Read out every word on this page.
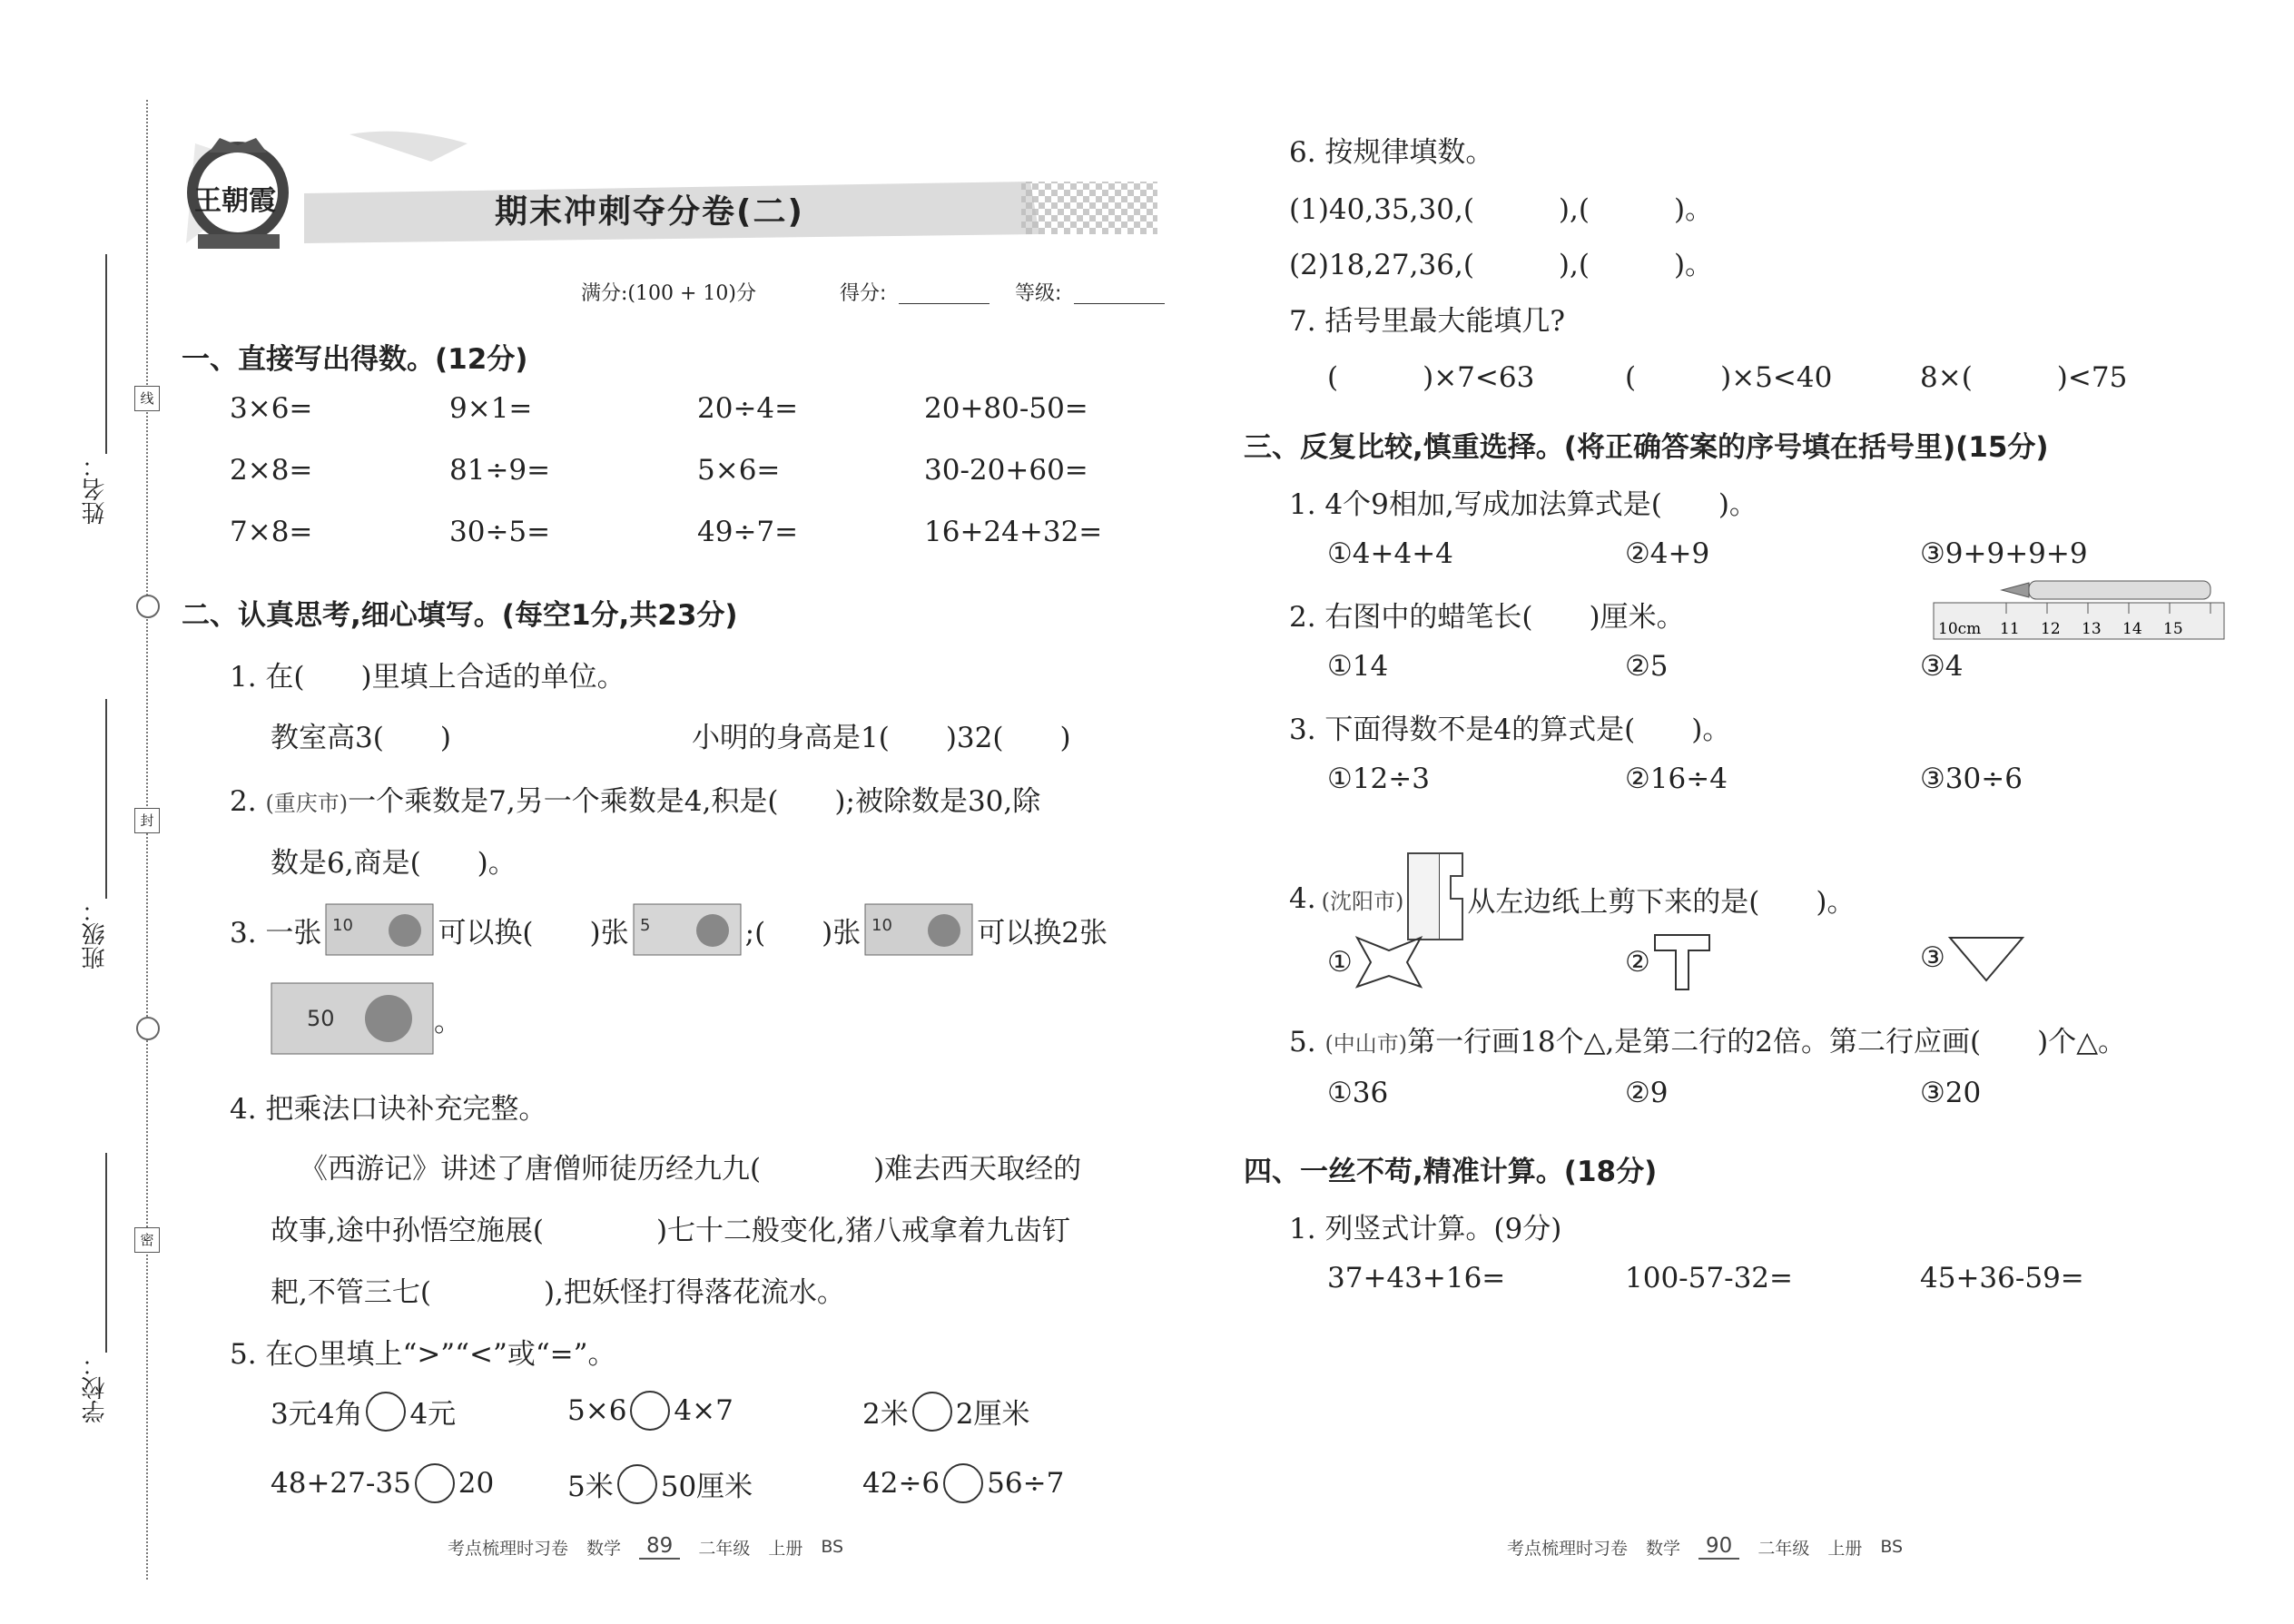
姓名：
班级：
学校：
线
封
密
王朝霞	期末冲刺夺分卷(二)
满分:(100 + 10)分	得分:	等级:
一、直接写出得数。(12分)
3×6=	9×1=	20÷4=	20+80-50=
2×8=	81÷9=	5×6=	30-20+60=
7×8=	30÷5=	49÷7=	16+24+32=
二、认真思考,细心填写。(每空1分,共23分)
1. 在(　　)里填上合适的单位。
教室高3(　　)	小明的身高是1(　　)32(　　)
2. (重庆市)一个乘数是7,另一个乘数是4,积是(　　);被除数是30,除
数是6,商是(　　)。
3. 一张 10	可以换(　　)张 5	;(　　)张 10	可以换2张
50	。
4. 把乘法口诀补充完整。
《西游记》讲述了唐僧师徒历经九九(　　　　)难去西天取经的
故事,途中孙悟空施展(　　　　)七十二般变化,猪八戒拿着九齿钉
耙,不管三七(　　　　),把妖怪打得落花流水。
5. 在○里填上“>”“<”或“=”。
3元4角 4元	5×6 4×7	2米 2厘米
48+27-35 20	5米 50厘米	42÷6 56÷7
考点梳理时习卷 数学	89	二年级 上册 BS
6. 按规律填数。
(1)40,35,30,(　　　),(　　　)。
(2)18,27,36,(　　　),(　　　)。
7. 括号里最大能填几?
(　　　)×7<63	(　　　)×5<40	8×(　　　)<75
三、反复比较,慎重选择。(将正确答案的序号填在括号里)(15分)
1. 4个9相加,写成加法算式是(　　)。
①4+4+4	②4+9	③9+9+9+9
2. 右图中的蜡笔长(　　)厘米。	10cm 11 12 13 14 15
①14	②5	③4
3. 下面得数不是4的算式是(　　)。
①12÷3	②16÷4	③30÷6
4. (沈阳市) 从左边纸上剪下来的是(　　)。
①	②	③
5. (中山市)第一行画18个△,是第二行的2倍。第二行应画(　　)个△。
①36	②9	③20
四、一丝不苟,精准计算。(18分)
1. 列竖式计算。(9分)
37+43+16=	100-57-32=	45+36-59=
考点梳理时习卷 数学	90	二年级 上册 BS
